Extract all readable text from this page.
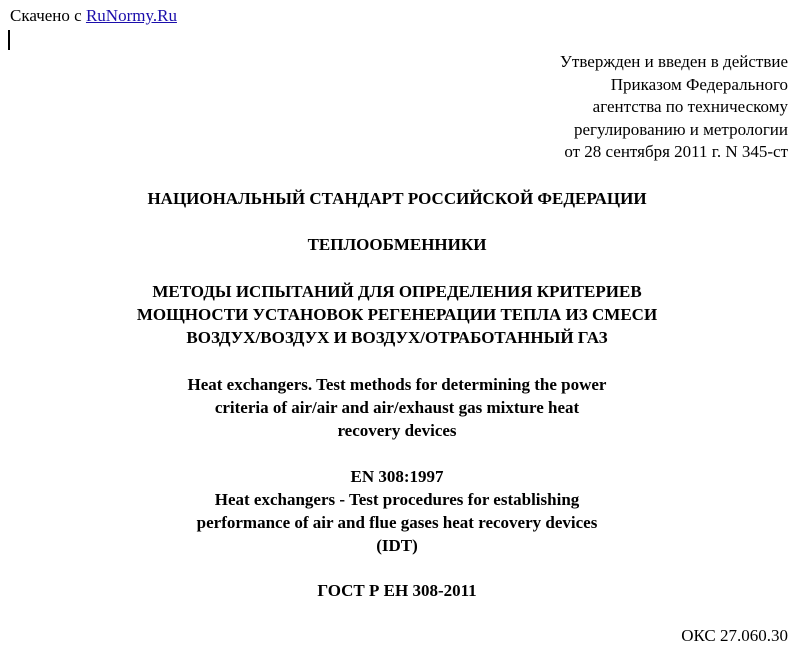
Скачено с RuNormy.Ru
Утвержден и введен в действие
Приказом Федерального
агентства по техническому
регулированию и метрологии
от 28 сентября 2011 г. N 345-ст
НАЦИОНАЛЬНЫЙ СТАНДАРТ РОССИЙСКОЙ ФЕДЕРАЦИИ
ТЕПЛООБМЕННИКИ
МЕТОДЫ ИСПЫТАНИЙ ДЛЯ ОПРЕДЕЛЕНИЯ КРИТЕРИЕВ
МОЩНОСТИ УСТАНОВОК РЕГЕНЕРАЦИИ ТЕПЛА ИЗ СМЕСИ
ВОЗДУХ/ВОЗДУХ И ВОЗДУХ/ОТРАБОТАННЫЙ ГАЗ
Heat exchangers. Test methods for determining the power
criteria of air/air and air/exhaust gas mixture heat
recovery devices
EN 308:1997
Heat exchangers - Test procedures for establishing
performance of air and flue gases heat recovery devices
(IDT)
ГОСТ Р ЕН 308-2011
ОКС 27.060.30
